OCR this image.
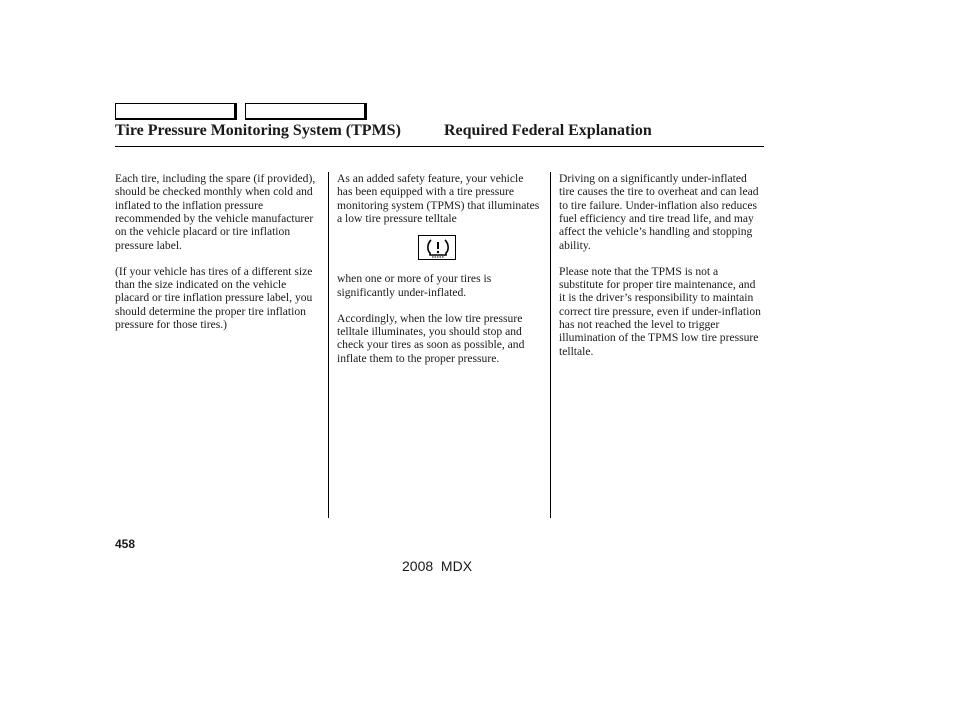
Tire Pressure Monitoring System (TPMS)	Required Federal Explanation

Each tire, including the spare (if provided), should be checked monthly when cold and inflated to the inflation pressure recommended by the vehicle manufacturer on the vehicle placard or tire inflation pressure label.

(If your vehicle has tires of a different size than the size indicated on the vehicle placard or tire inflation pressure label, you should determine the proper tire inflation pressure for those tires.)

As an added safety feature, your vehicle has been equipped with a tire pressure monitoring system (TPMS) that illuminates a low tire pressure telltale

when one or more of your tires is significantly under-inflated.

Accordingly, when the low tire pressure telltale illuminates, you should stop and check your tires as soon as possible, and inflate them to the proper pressure.

Driving on a significantly under-inflated tire causes the tire to overheat and can lead to tire failure. Under-inflation also reduces fuel efficiency and tire tread life, and may affect the vehicle’s handling and stopping ability.

Please note that the TPMS is not a substitute for proper tire maintenance, and it is the driver’s responsibility to maintain correct tire pressure, even if under-inflation has not reached the level to trigger illumination of the TPMS low tire pressure telltale.

458
2008  MDX
